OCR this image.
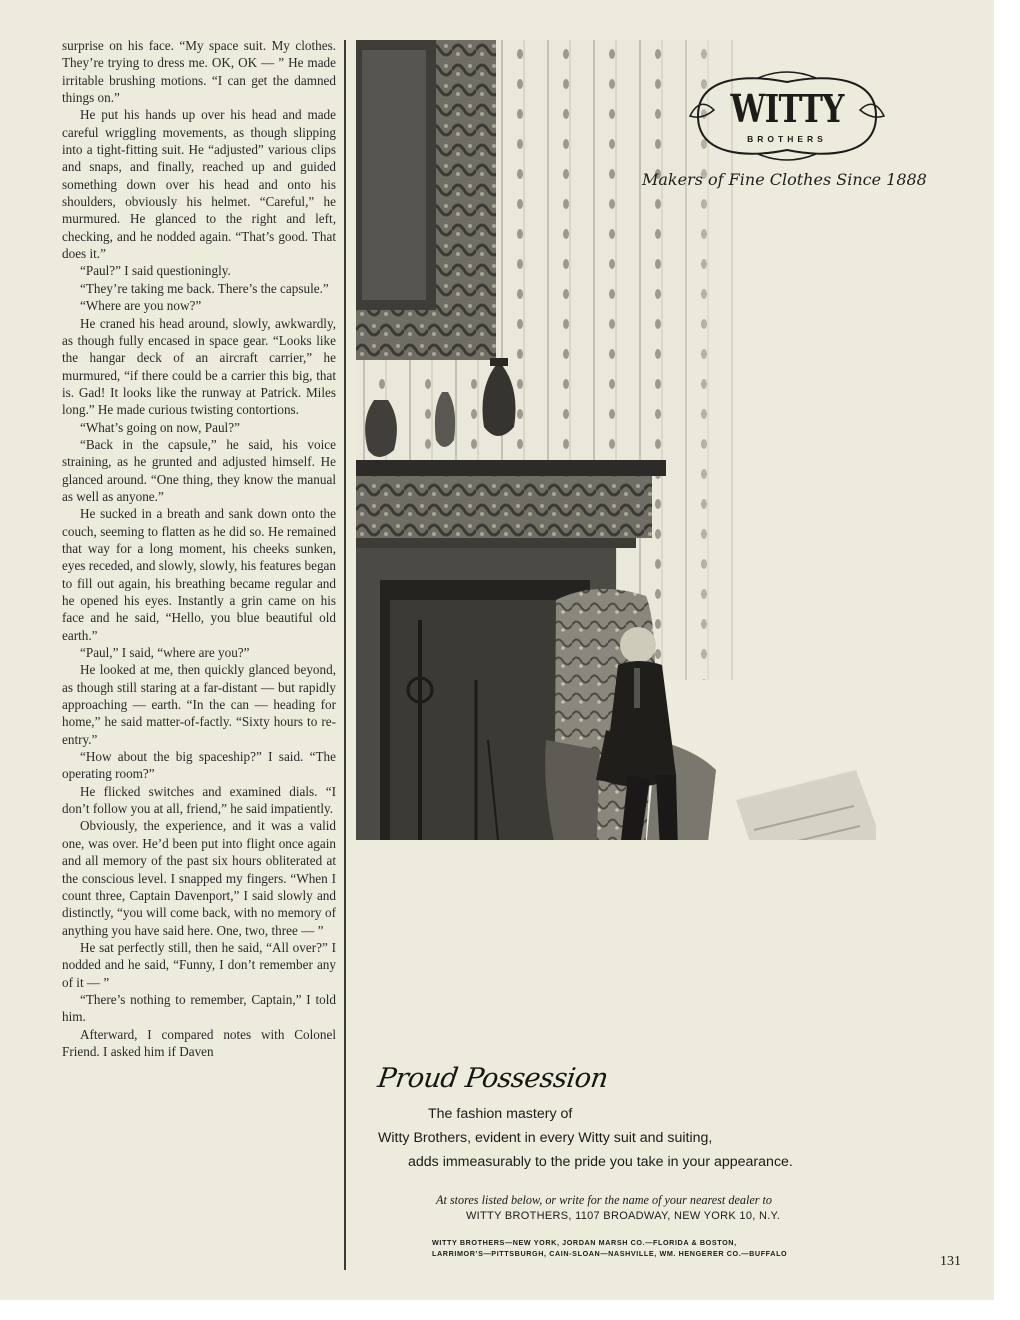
surprise on his face. “My space suit. My clothes. They’re trying to dress me. OK, OK — ” He made irritable brushing motions. “I can get the damned things on.”

He put his hands up over his head and made careful wriggling movements, as though slipping into a tight-fitting suit. He “adjusted” various clips and snaps, and finally, reached up and guided something down over his head and onto his shoulders, obviously his helmet. “Careful,” he murmured. He glanced to the right and left, checking, and he nodded again. “That’s good. That does it.”

“Paul?” I said questioningly.

“They’re taking me back. There’s the capsule.”

“Where are you now?”

He craned his head around, slowly, awkwardly, as though fully encased in space gear. “Looks like the hangar deck of an aircraft carrier,” he murmured, “if there could be a carrier this big, that is. Gad! It looks like the runway at Patrick. Miles long.” He made curious twisting contortions.

“What’s going on now, Paul?”

“Back in the capsule,” he said, his voice straining, as he grunted and adjusted himself. He glanced around. “One thing, they know the manual as well as anyone.”

He sucked in a breath and sank down onto the couch, seeming to flatten as he did so. He remained that way for a long moment, his cheeks sunken, eyes receded, and slowly, slowly, his features began to fill out again, his breathing became regular and he opened his eyes. Instantly a grin came on his face and he said, “Hello, you blue beautiful old earth.”

“Paul,” I said, “where are you?”

He looked at me, then quickly glanced beyond, as though still staring at a far-distant — but rapidly approaching — earth. “In the can — heading for home,” he said matter-of-factly. “Sixty hours to re-entry.”

“How about the big spaceship?” I said. “The operating room?”

He flicked switches and examined dials. “I don’t follow you at all, friend,” he said impatiently.

Obviously, the experience, and it was a valid one, was over. He’d been put into flight once again and all memory of the past six hours obliterated at the conscious level. I snapped my fingers. “When I count three, Captain Davenport,” I said slowly and distinctly, “you will come back, with no memory of anything you have said here. One, two, three — ”

He sat perfectly still, then he said, “All over?” I nodded and he said, “Funny, I don’t remember any of it — ”

“There’s nothing to remember, Captain,” I told him.

Afterward, I compared notes with Colonel Friend. I asked him if Daven

WITTY
BROTHERS
Makers of Fine Clothes Since 1888
Proud Possession
The fashion mastery of
Witty Brothers, evident in every Witty suit and suiting,
adds immeasurably to the pride you take in your appearance.
At stores listed below, or write for the name of your nearest dealer to
WITTY BROTHERS, 1107 BROADWAY, NEW YORK 10, N.Y.
WITTY BROTHERS—NEW YORK, JORDAN MARSH CO.—FLORIDA & BOSTON,
LARRIMOR’S—PITTSBURGH, CAIN-SLOAN—NASHVILLE, WM. HENGERER CO.—BUFFALO
131
